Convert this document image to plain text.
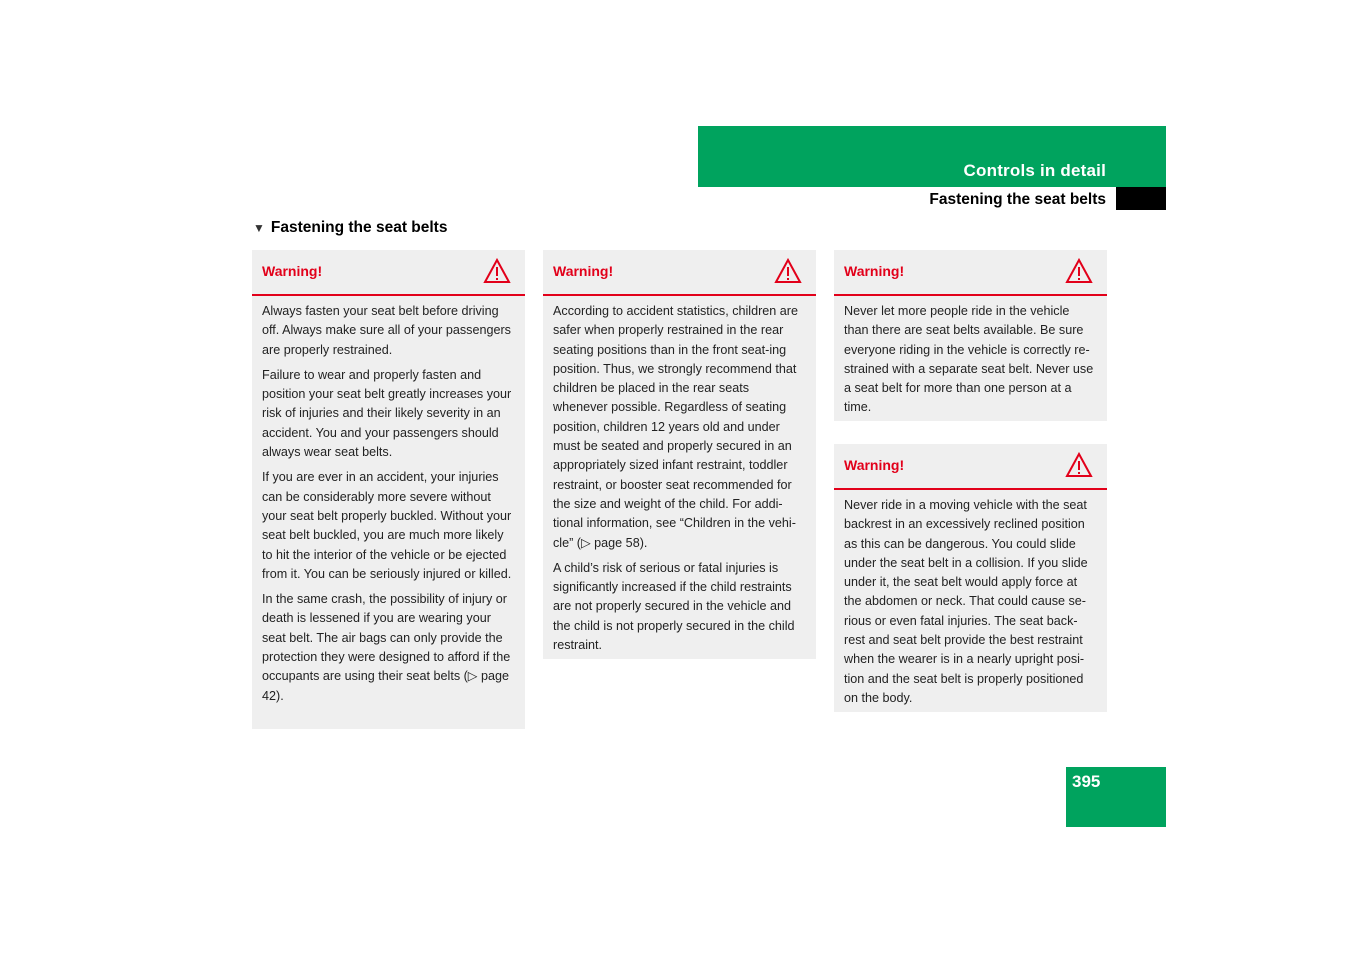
Controls in detail
Fastening the seat belts
▼ Fastening the seat belts
Warning!

Always fasten your seat belt before driving off. Always make sure all of your passengers are properly restrained.

Failure to wear and properly fasten and position your seat belt greatly increases your risk of injuries and their likely severity in an accident. You and your passengers should always wear seat belts.

If you are ever in an accident, your injuries can be considerably more severe without your seat belt properly buckled. Without your seat belt buckled, you are much more likely to hit the interior of the vehicle or be ejected from it. You can be seriously injured or killed.

In the same crash, the possibility of injury or death is lessened if you are wearing your seat belt. The air bags can only provide the protection they were designed to afford if the occupants are using their seat belts (▷ page 42).

Warning!

According to accident statistics, children are safer when properly restrained in the rear seating positions than in the front seat-ing position. Thus, we strongly recommend that children be placed in the rear seats whenever possible. Regardless of seating position, children 12 years old and under must be seated and properly secured in an appropriately sized infant restraint, toddler restraint, or booster seat recommended for the size and weight of the child. For addi-tional information, see “Children in the vehi-cle” (▷ page 58).

A child’s risk of serious or fatal injuries is significantly increased if the child restraints are not properly secured in the vehicle and the child is not properly secured in the child restraint.

Warning!

Never let more people ride in the vehicle than there are seat belts available. Be sure everyone riding in the vehicle is correctly re-strained with a separate seat belt. Never use a seat belt for more than one person at a time.

Warning!

Never ride in a moving vehicle with the seat backrest in an excessively reclined position as this can be dangerous. You could slide under the seat belt in a collision. If you slide under it, the seat belt would apply force at the abdomen or neck. That could cause se-rious or even fatal injuries. The seat back-rest and seat belt provide the best restraint when the wearer is in a nearly upright posi-tion and the seat belt is properly positioned on the body.

395
